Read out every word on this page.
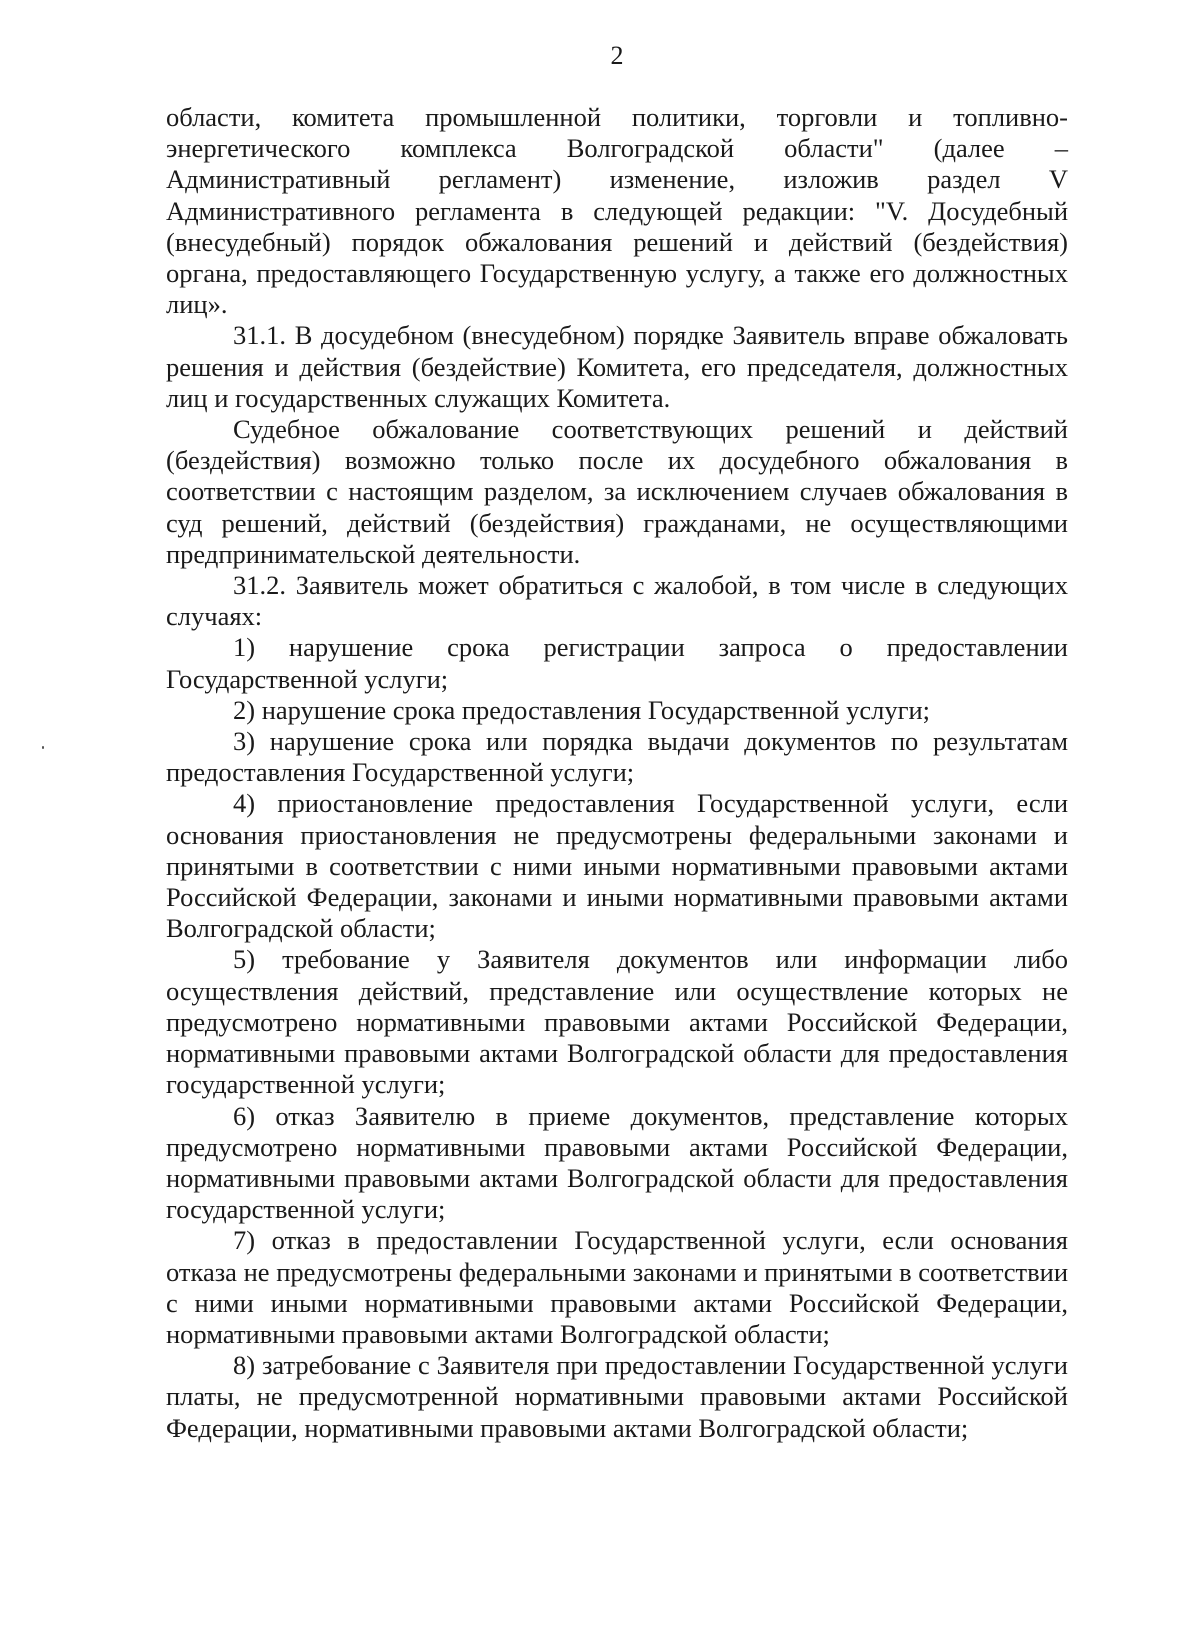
2

области, комитета промышленной политики, торговли и топливно-энергетического комплекса Волгоградской области" (далее – Административный регламент) изменение, изложив раздел V Административного регламента в следующей редакции: "V. Досудебный (внесудебный) порядок обжалования решений и действий (бездействия) органа, предоставляющего Государственную услугу, а также его должностных лиц».

31.1. В досудебном (внесудебном) порядке Заявитель вправе обжаловать решения и действия (бездействие) Комитета, его председателя, должностных лиц и государственных служащих Комитета.

Судебное обжалование соответствующих решений и действий (бездействия) возможно только после их досудебного обжалования в соответствии с настоящим разделом, за исключением случаев обжалования в суд решений, действий (бездействия) гражданами, не осуществляющими предпринимательской деятельности.

31.2. Заявитель может обратиться с жалобой, в том числе в следующих случаях:

1) нарушение срока регистрации запроса о предоставлении Государственной услуги;

2) нарушение срока предоставления Государственной услуги;

3) нарушение срока или порядка выдачи документов по результатам предоставления Государственной услуги;

4) приостановление предоставления Государственной услуги, если основания приостановления не предусмотрены федеральными законами и принятыми в соответствии с ними иными нормативными правовыми актами Российской Федерации, законами и иными нормативными правовыми актами Волгоградской области;

5) требование у Заявителя документов или информации либо осуществления действий, представление или осуществление которых не предусмотрено нормативными правовыми актами Российской Федерации, нормативными правовыми актами Волгоградской области для предоставления государственной услуги;

6) отказ Заявителю в приеме документов, представление которых предусмотрено нормативными правовыми актами Российской Федерации, нормативными правовыми актами Волгоградской области для предоставления государственной услуги;

7) отказ в предоставлении Государственной услуги, если основания отказа не предусмотрены федеральными законами и принятыми в соответствии с ними иными нормативными правовыми актами Российской Федерации, нормативными правовыми актами Волгоградской области;

8) затребование с Заявителя при предоставлении Государственной услуги платы, не предусмотренной нормативными правовыми актами Российской Федерации, нормативными правовыми актами Волгоградской области;
